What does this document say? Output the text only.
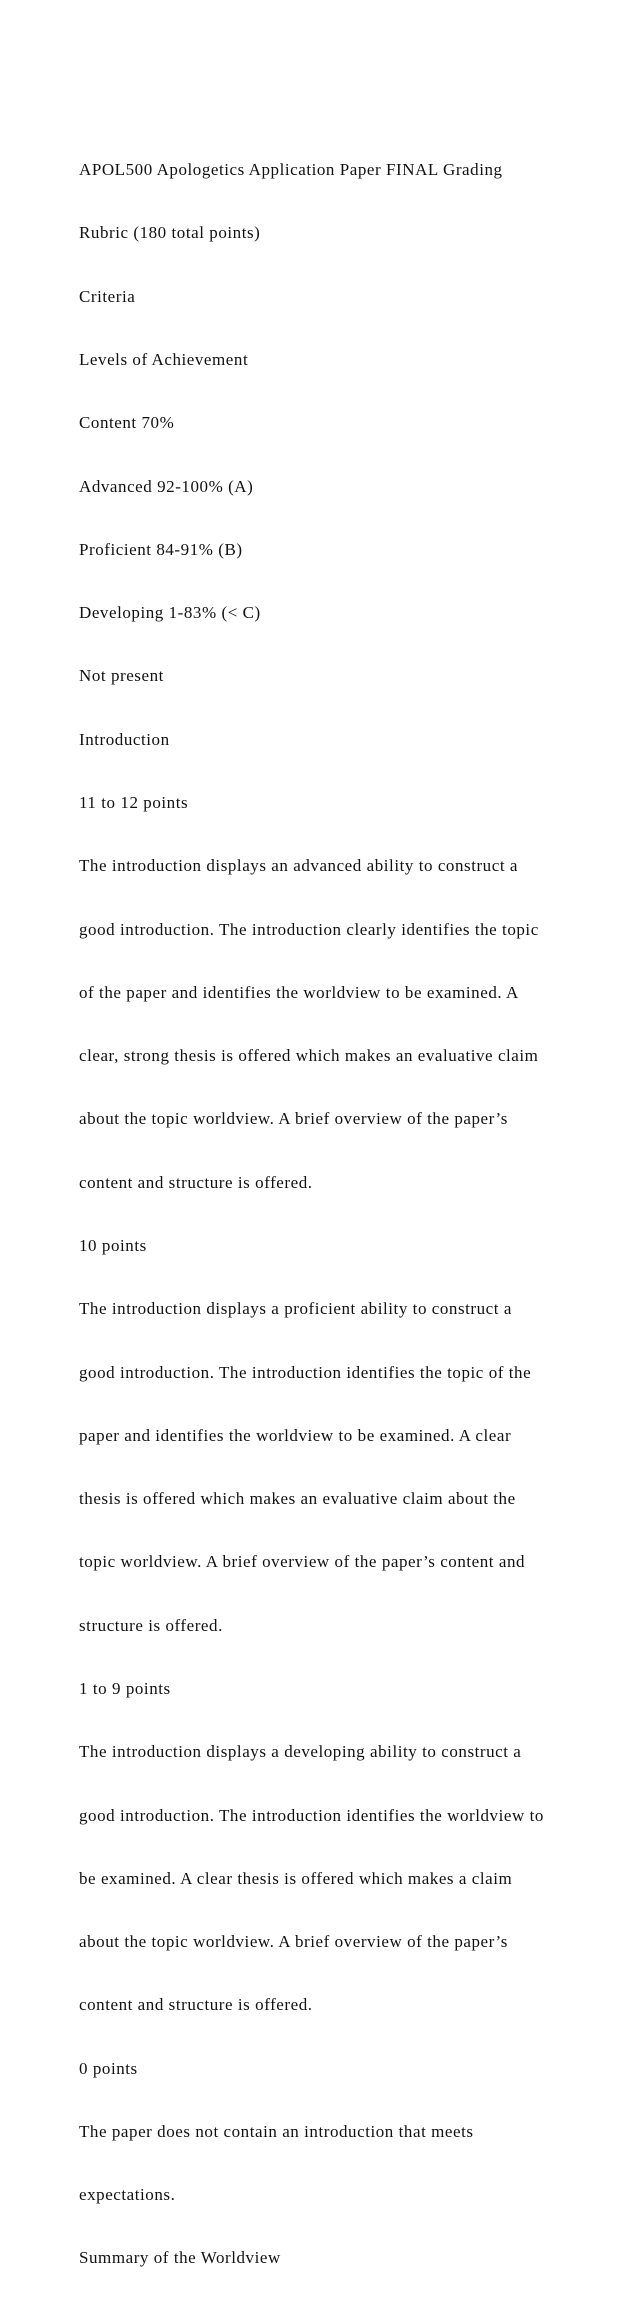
APOL500 Apologetics Application Paper FINAL Grading

Rubric (180 total points)

Criteria

Levels of Achievement

Content 70%

Advanced 92-100% (A)

Proficient 84-91% (B)

Developing 1-83% (< C)

Not present

Introduction

11 to 12 points

The introduction displays an advanced ability to construct a

good introduction. The introduction clearly identifies the topic

of the paper and identifies the worldview to be examined. A

clear, strong thesis is offered which makes an evaluative claim

about the topic worldview. A brief overview of the paper’s

content and structure is offered.

10 points

The introduction displays a proficient ability to construct a

good introduction. The introduction identifies the topic of the

paper and identifies the worldview to be examined. A clear

thesis is offered which makes an evaluative claim about the

topic worldview. A brief overview of the paper’s content and

structure is offered.

1 to 9 points

The introduction displays a developing ability to construct a

good introduction. The introduction identifies the worldview to

be examined. A clear thesis is offered which makes a claim

about the topic worldview. A brief overview of the paper’s

content and structure is offered.

0 points

The paper does not contain an introduction that meets

expectations.

Summary of the Worldview
